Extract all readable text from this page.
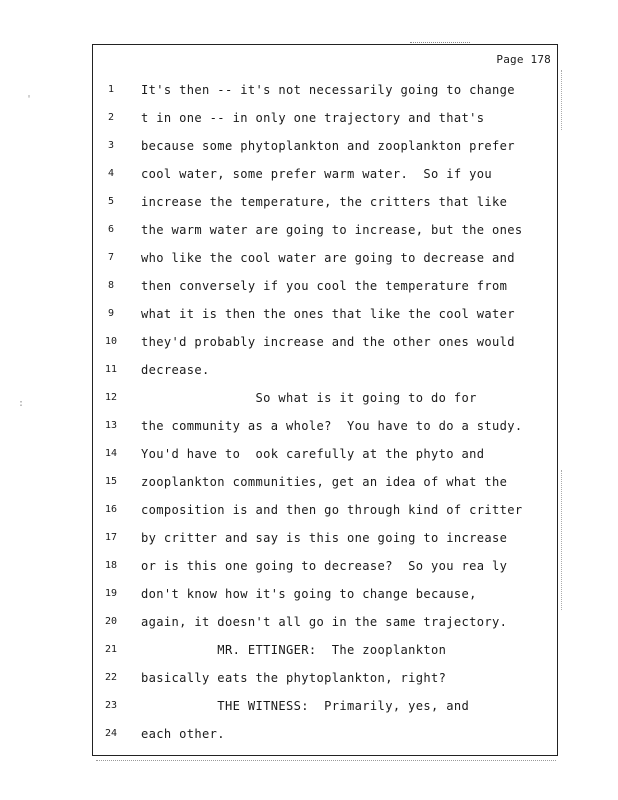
'
:
Page 178
1	It's then -- it's not necessarily going to change
2	t in one -- in only one trajectory and that's
3	because some phytoplankton and zooplankton prefer
4	cool water, some prefer warm water.  So if you
5	increase the temperature, the critters that like
6	the warm water are going to increase, but the ones
7	who like the cool water are going to decrease and
8	then conversely if you cool the temperature from
9	what it is then the ones that like the cool water
10	they'd probably increase and the other ones would
11	decrease.
12	So what is it going to do for
13	the community as a whole?  You have to do a study.
14	You'd have to  ook carefully at the phyto and
15	zooplankton communities, get an idea of what the
16	composition is and then go through kind of critter
17	by critter and say is this one going to increase
18	or is this one going to decrease?  So you rea ly
19	don't know how it's going to change because,
20	again, it doesn't all go in the same trajectory.
21	MR. ETTINGER:  The zooplankton
22	basically eats the phytoplankton, right?
23	THE WITNESS:  Primarily, yes, and
24	each other.
